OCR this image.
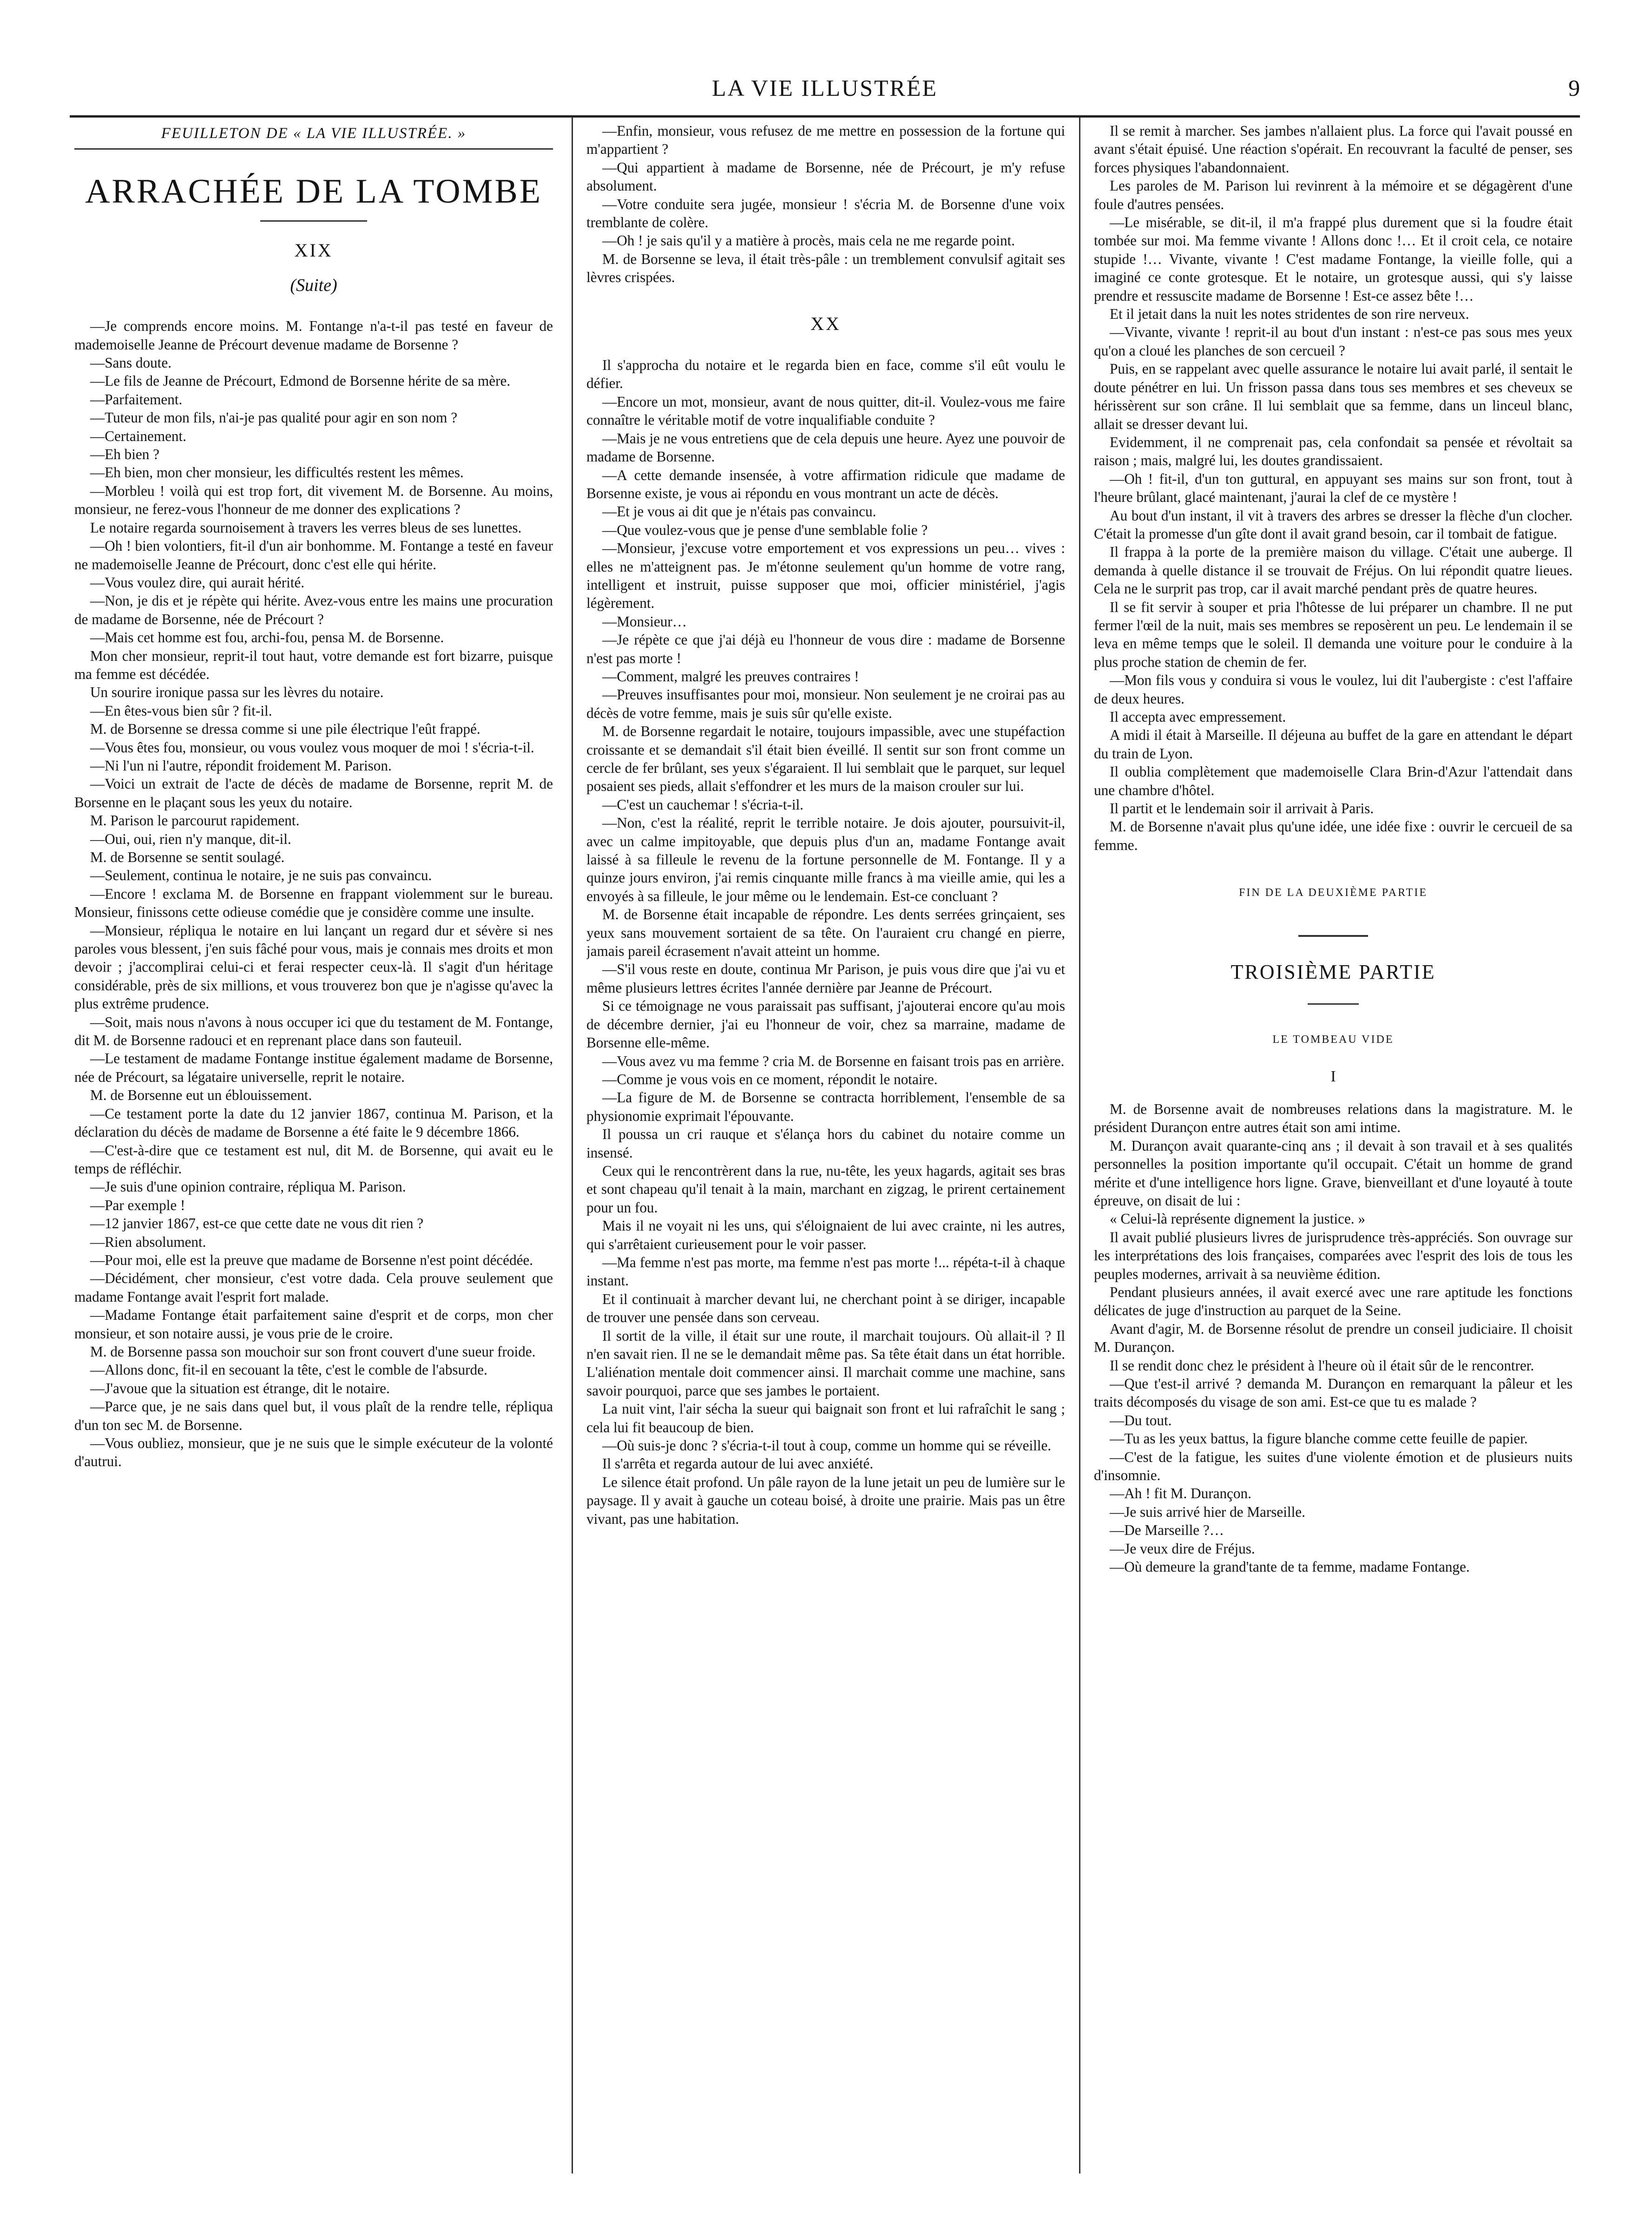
LA VIE ILLUSTRÉE	9
FEUILLETON DE « LA VIE ILLUSTRÉE. »
ARRACHÉE DE LA TOMBE
XIX
(Suite)

—Je comprends encore moins. M. Fontange n'a-t-il pas testé en faveur de mademoiselle Jeanne de Précourt devenue madame de Borsenne ?

—Sans doute.

—Le fils de Jeanne de Précourt, Edmond de Borsenne hérite de sa mère.

—Parfaitement.

—Tuteur de mon fils, n'ai-je pas qualité pour agir en son nom ?

—Certainement.

—Eh bien ?

—Eh bien, mon cher monsieur, les difficultés restent les mêmes.

—Morbleu ! voilà qui est trop fort, dit vivement M. de Borsenne. Au moins, monsieur, ne ferez-vous l'honneur de me donner des explications ?

Le notaire regarda sournoisement à travers les verres bleus de ses lunettes.

—Oh ! bien volontiers, fit-il d'un air bonhomme. M. Fontange a testé en faveur ne mademoiselle Jeanne de Précourt, donc c'est elle qui hérite.

—Vous voulez dire, qui aurait hérité.

—Non, je dis et je répète qui hérite. Avez-vous entre les mains une procuration de madame de Borsenne, née de Précourt ?

—Mais cet homme est fou, archi-fou, pensa M. de Borsenne.

Mon cher monsieur, reprit-il tout haut, votre demande est fort bizarre, puisque ma femme est décédée.

Un sourire ironique passa sur les lèvres du notaire.

—En êtes-vous bien sûr ? fit-il.

M. de Borsenne se dressa comme si une pile électrique l'eût frappé.

—Vous êtes fou, monsieur, ou vous voulez vous moquer de moi ! s'écria-t-il.

—Ni l'un ni l'autre, répondit froidement M. Parison.

—Voici un extrait de l'acte de décès de madame de Borsenne, reprit M. de Borsenne en le plaçant sous les yeux du notaire.

M. Parison le parcourut rapidement.

—Oui, oui, rien n'y manque, dit-il.

M. de Borsenne se sentit soulagé.

—Seulement, continua le notaire, je ne suis pas convaincu.

—Encore ! exclama M. de Borsenne en frappant violemment sur le bureau. Monsieur, finissons cette odieuse comédie que je considère comme une insulte.

—Monsieur, répliqua le notaire en lui lançant un regard dur et sévère si nes paroles vous blessent, j'en suis fâché pour vous, mais je connais mes droits et mon devoir ; j'accomplirai celui-ci et ferai respecter ceux-là. Il s'agit d'un héritage considérable, près de six millions, et vous trouverez bon que je n'agisse qu'avec la plus extrême prudence.

—Soit, mais nous n'avons à nous occuper ici que du testament de M. Fontange, dit M. de Borsenne radouci et en reprenant place dans son fauteuil.

—Le testament de madame Fontange institue également madame de Borsenne, née de Précourt, sa légataire universelle, reprit le notaire.

M. de Borsenne eut un éblouissement.

—Ce testament porte la date du 12 janvier 1867, continua M. Parison, et la déclaration du décès de madame de Borsenne a été faite le 9 décembre 1866.

—C'est-à-dire que ce testament est nul, dit M. de Borsenne, qui avait eu le temps de réfléchir.

—Je suis d'une opinion contraire, répliqua M. Parison.

—Par exemple !

—12 janvier 1867, est-ce que cette date ne vous dit rien ?

—Rien absolument.

—Pour moi, elle est la preuve que madame de Borsenne n'est point décédée.

—Décidément, cher monsieur, c'est votre dada. Cela prouve seulement que madame Fontange avait l'esprit fort malade.

—Madame Fontange était parfaitement saine d'esprit et de corps, mon cher monsieur, et son notaire aussi, je vous prie de le croire.

M. de Borsenne passa son mouchoir sur son front couvert d'une sueur froide.

—Allons donc, fit-il en secouant la tête, c'est le comble de l'absurde.

—J'avoue que la situation est étrange, dit le notaire.

—Parce que, je ne sais dans quel but, il vous plaît de la rendre telle, répliqua d'un ton sec M. de Borsenne.

—Vous oubliez, monsieur, que je ne suis que le simple exécuteur de la volonté d'autrui.

—Enfin, monsieur, vous refusez de me mettre en possession de la fortune qui m'appartient ?

—Qui appartient à madame de Borsenne, née de Précourt, je m'y refuse absolument.

—Votre conduite sera jugée, monsieur ! s'écria M. de Borsenne d'une voix tremblante de colère.

—Oh ! je sais qu'il y a matière à procès, mais cela ne me regarde point.

M. de Borsenne se leva, il était très-pâle : un tremblement convulsif agitait ses lèvres crispées.

XX

Il s'approcha du notaire et le regarda bien en face, comme s'il eût voulu le défier.

—Encore un mot, monsieur, avant de nous quitter, dit-il. Voulez-vous me faire connaître le véritable motif de votre inqualifiable conduite ?

—Mais je ne vous entretiens que de cela depuis une heure. Ayez une pouvoir de madame de Borsenne.

—A cette demande insensée, à votre affirmation ridicule que madame de Borsenne existe, je vous ai répondu en vous montrant un acte de décès.

—Et je vous ai dit que je n'étais pas convaincu.

—Que voulez-vous que je pense d'une semblable folie ?

—Monsieur, j'excuse votre emportement et vos expressions un peu… vives : elles ne m'atteignent pas. Je m'étonne seulement qu'un homme de votre rang, intelligent et instruit, puisse supposer que moi, officier ministériel, j'agis légèrement.

—Monsieur…

—Je répète ce que j'ai déjà eu l'honneur de vous dire : madame de Borsenne n'est pas morte !

—Comment, malgré les preuves contraires !

—Preuves insuffisantes pour moi, monsieur. Non seulement je ne croirai pas au décès de votre femme, mais je suis sûr qu'elle existe.

M. de Borsenne regardait le notaire, toujours impassible, avec une stupéfaction croissante et se demandait s'il était bien éveillé. Il sentit sur son front comme un cercle de fer brûlant, ses yeux s'égaraient. Il lui semblait que le parquet, sur lequel posaient ses pieds, allait s'effondrer et les murs de la maison crouler sur lui.

—C'est un cauchemar ! s'écria-t-il.

—Non, c'est la réalité, reprit le terrible notaire. Je dois ajouter, poursuivit-il, avec un calme impitoyable, que depuis plus d'un an, madame Fontange avait laissé à sa filleule le revenu de la fortune personnelle de M. Fontange. Il y a quinze jours environ, j'ai remis cinquante mille francs à ma vieille amie, qui les a envoyés à sa filleule, le jour même ou le lendemain. Est-ce concluant ?

M. de Borsenne était incapable de répondre. Les dents serrées grinçaient, ses yeux sans mouvement sortaient de sa tête. On l'auraient cru changé en pierre, jamais pareil écrasement n'avait atteint un homme.

—S'il vous reste en doute, continua Mr Parison, je puis vous dire que j'ai vu et même plusieurs lettres écrites l'année dernière par Jeanne de Précourt.

Si ce témoignage ne vous paraissait pas suffisant, j'ajouterai encore qu'au mois de décembre dernier, j'ai eu l'honneur de voir, chez sa marraine, madame de Borsenne elle-même.

—Vous avez vu ma femme ? cria M. de Borsenne en faisant trois pas en arrière.

—Comme je vous vois en ce moment, répondit le notaire.

—La figure de M. de Borsenne se contracta horriblement, l'ensemble de sa physionomie exprimait l'épouvante.

Il poussa un cri rauque et s'élança hors du cabinet du notaire comme un insensé.

Ceux qui le rencontrèrent dans la rue, nu-tête, les yeux hagards, agitait ses bras et sont chapeau qu'il tenait à la main, marchant en zigzag, le prirent certainement pour un fou.

Mais il ne voyait ni les uns, qui s'éloignaient de lui avec crainte, ni les autres, qui s'arrêtaient curieusement pour le voir passer.

—Ma femme n'est pas morte, ma femme n'est pas morte !... répéta-t-il à chaque instant.

Et il continuait à marcher devant lui, ne cherchant point à se diriger, incapable de trouver une pensée dans son cerveau.

Il sortit de la ville, il était sur une route, il marchait toujours. Où allait-il ? Il n'en savait rien. Il ne se le demandait même pas. Sa tête était dans un état horrible. L'aliénation mentale doit commencer ainsi. Il marchait comme une machine, sans savoir pourquoi, parce que ses jambes le portaient.

La nuit vint, l'air sécha la sueur qui baignait son front et lui rafraîchit le sang ; cela lui fit beaucoup de bien.

—Où suis-je donc ? s'écria-t-il tout à coup, comme un homme qui se réveille.

Il s'arrêta et regarda autour de lui avec anxiété.

Le silence était profond. Un pâle rayon de la lune jetait un peu de lumière sur le paysage. Il y avait à gauche un coteau boisé, à droite une prairie. Mais pas un être vivant, pas une habitation.

Il se remit à marcher. Ses jambes n'allaient plus. La force qui l'avait poussé en avant s'était épuisé. Une réaction s'opérait. En recouvrant la faculté de penser, ses forces physiques l'abandonnaient.

Les paroles de M. Parison lui revinrent à la mémoire et se dégagèrent d'une foule d'autres pensées.

—Le misérable, se dit-il, il m'a frappé plus durement que si la foudre était tombée sur moi. Ma femme vivante ! Allons donc !… Et il croit cela, ce notaire stupide !… Vivante, vivante ! C'est madame Fontange, la vieille folle, qui a imaginé ce conte grotesque. Et le notaire, un grotesque aussi, qui s'y laisse prendre et ressuscite madame de Borsenne ! Est-ce assez bête !…

Et il jetait dans la nuit les notes stridentes de son rire nerveux.

—Vivante, vivante ! reprit-il au bout d'un instant : n'est-ce pas sous mes yeux qu'on a cloué les planches de son cercueil ?

Puis, en se rappelant avec quelle assurance le notaire lui avait parlé, il sentait le doute pénétrer en lui. Un frisson passa dans tous ses membres et ses cheveux se hérissèrent sur son crâne. Il lui semblait que sa femme, dans un linceul blanc, allait se dresser devant lui.

Evidemment, il ne comprenait pas, cela confondait sa pensée et révoltait sa raison ; mais, malgré lui, les doutes grandissaient.

—Oh ! fit-il, d'un ton guttural, en appuyant ses mains sur son front, tout à l'heure brûlant, glacé maintenant, j'aurai la clef de ce mystère !

Au bout d'un instant, il vit à travers des arbres se dresser la flèche d'un clocher. C'était la promesse d'un gîte dont il avait grand besoin, car il tombait de fatigue.

Il frappa à la porte de la première maison du village. C'était une auberge. Il demanda à quelle distance il se trouvait de Fréjus. On lui répondit quatre lieues. Cela ne le surprit pas trop, car il avait marché pendant près de quatre heures.

Il se fit servir à souper et pria l'hôtesse de lui préparer un chambre. Il ne put fermer l'œil de la nuit, mais ses membres se reposèrent un peu. Le lendemain il se leva en même temps que le soleil. Il demanda une voiture pour le conduire à la plus proche station de chemin de fer.

—Mon fils vous y conduira si vous le voulez, lui dit l'aubergiste : c'est l'affaire de deux heures.

Il accepta avec empressement.

A midi il était à Marseille. Il déjeuna au buffet de la gare en attendant le départ du train de Lyon.

Il oublia complètement que mademoiselle Clara Brin-d'Azur l'attendait dans une chambre d'hôtel.

Il partit et le lendemain soir il arrivait à Paris.

M. de Borsenne n'avait plus qu'une idée, une idée fixe : ouvrir le cercueil de sa femme.

FIN DE LA DEUXIÈME PARTIE
TROISIÈME PARTIE
LE TOMBEAU VIDE
I

M. de Borsenne avait de nombreuses relations dans la magistrature. M. le président Durançon entre autres était son ami intime.

M. Durançon avait quarante-cinq ans ; il devait à son travail et à ses qualités personnelles la position importante qu'il occupait. C'était un homme de grand mérite et d'une intelligence hors ligne. Grave, bienveillant et d'une loyauté à toute épreuve, on disait de lui :

« Celui-là représente dignement la justice. »

Il avait publié plusieurs livres de jurisprudence très-appréciés. Son ouvrage sur les interprétations des lois françaises, comparées avec l'esprit des lois de tous les peuples modernes, arrivait à sa neuvième édition.

Pendant plusieurs années, il avait exercé avec une rare aptitude les fonctions délicates de juge d'instruction au parquet de la Seine.

Avant d'agir, M. de Borsenne résolut de prendre un conseil judiciaire. Il choisit M. Durançon.

Il se rendit donc chez le président à l'heure où il était sûr de le rencontrer.

—Que t'est-il arrivé ? demanda M. Durançon en remarquant la pâleur et les traits décomposés du visage de son ami. Est-ce que tu es malade ?

—Du tout.

—Tu as les yeux battus, la figure blanche comme cette feuille de papier.

—C'est de la fatigue, les suites d'une violente émotion et de plusieurs nuits d'insomnie.

—Ah ! fit M. Durançon.

—Je suis arrivé hier de Marseille.

—De Marseille ?…

—Je veux dire de Fréjus.

—Où demeure la grand'tante de ta femme, madame Fontange.
